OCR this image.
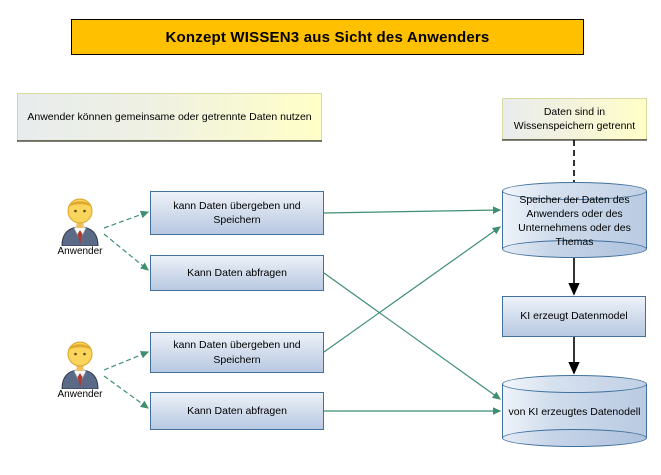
Konzept WISSEN3 aus Sicht des Anwenders
Anwender können gemeinsame oder getrennte Daten nutzen	Daten sind in Wissenspeichern getrennt
kann Daten übergeben und Speichern
Kann Daten abfragen
kann Daten übergeben und Speichern
Kann Daten abfragen
KI erzeugt Datenmodel
Speicher der Daten des Anwenders oder des Unternehmens oder des Themas
von KI erzeugtes Datenodell
Anwender
Anwender
